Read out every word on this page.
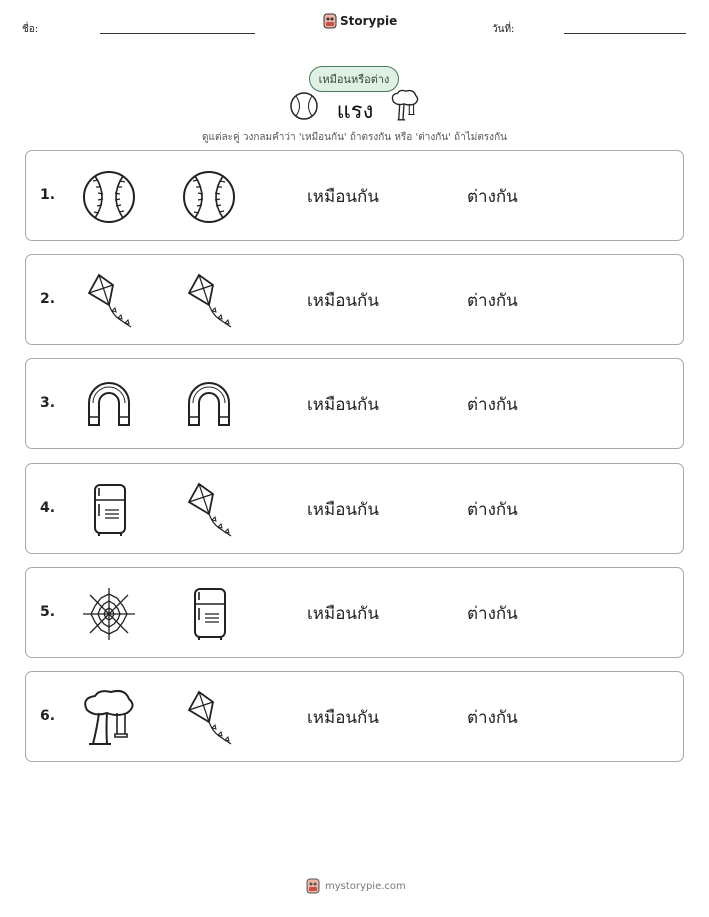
ชื่อ:
Storypie
วันที่:
เหมือนหรือต่าง
แรง
ดูแต่ละคู่ วงกลมคำว่า 'เหมือนกัน' ถ้าตรงกัน หรือ 'ต่างกัน' ถ้าไม่ตรงกัน
1.	เหมือนกัน	ต่างกัน
2.	เหมือนกัน	ต่างกัน
3.	เหมือนกัน	ต่างกัน
4.	เหมือนกัน	ต่างกัน
5.	เหมือนกัน	ต่างกัน
6.	เหมือนกัน	ต่างกัน
mystorypie.com
